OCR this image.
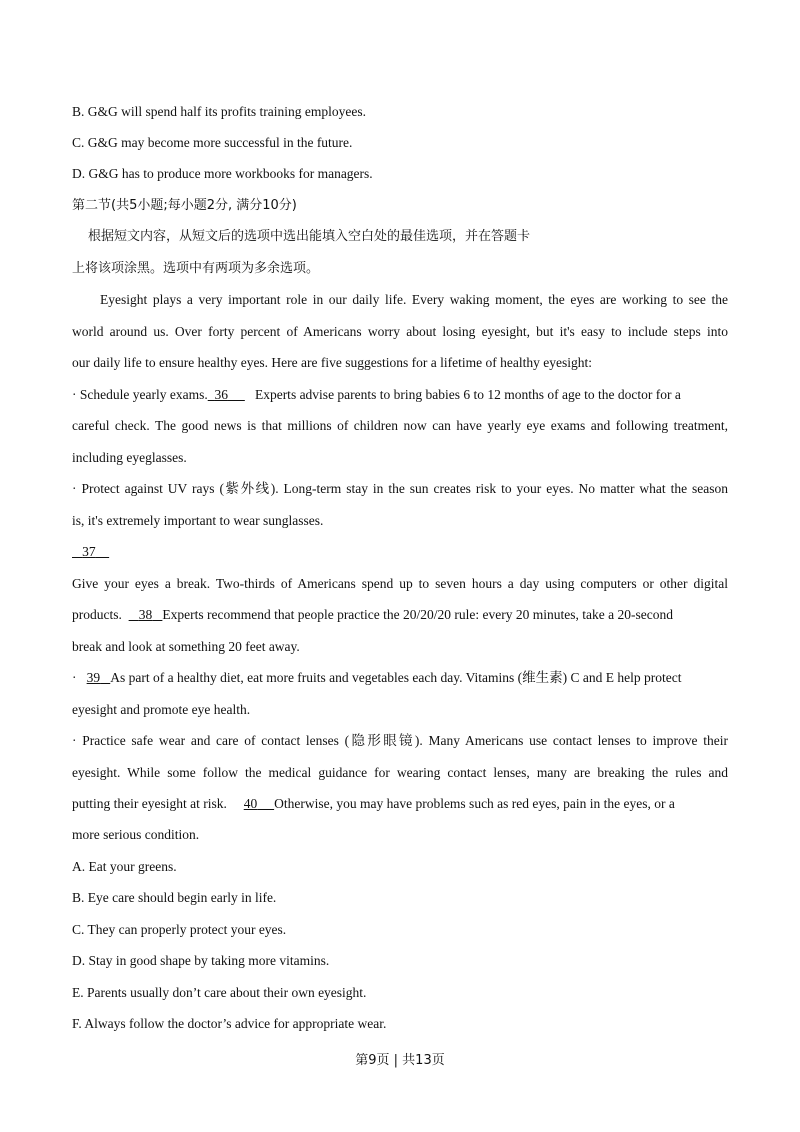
B. G&G will spend half its profits training employees.
C. G&G may become more successful in the future.
D. G&G has to produce more workbooks for managers.
第二节(共5小题;每小题2分, 满分10分)
根据短文内容，从短文后的选项中选出能填入空白处的最佳选项，并在答题卡
上将该项涂黑。选项中有两项为多余选项。
Eyesight plays a very important role in our daily life. Every waking moment, the eyes are working to see the
world around us. Over forty percent of Americans worry about losing eyesight, but it's easy to include steps into
our daily life to ensure healthy eyes. Here are five suggestions for a lifetime of healthy eyesight:
· Schedule yearly exams. 36 Experts advise parents to bring babies 6 to 12 months of age to the doctor for a
careful check. The good news is that millions of children now can have yearly eye exams and following treatment,
including eyeglasses.
· Protect against UV rays (紫外线). Long-term stay in the sun creates risk to your eyes. No matter what the season
is, it's extremely important to wear sunglasses.
37
Give your eyes a break. Two-thirds of Americans spend up to seven hours a day using computers or other digital
products. 38 Experts recommend that people practice the 20/20/20 rule: every 20 minutes, take a 20-second
break and look at something 20 feet away.
· 39 As part of a healthy diet, eat more fruits and vegetables each day. Vitamins (维生素) C and E help protect
eyesight and promote eye health.
· Practice safe wear and care of contact lenses (隐形眼镜). Many Americans use contact lenses to improve their
eyesight. While some follow the medical guidance for wearing contact lenses, many are breaking the rules and
putting their eyesight at risk. 40 Otherwise, you may have problems such as red eyes, pain in the eyes, or a
more serious condition.
A. Eat your greens.
B. Eye care should begin early in life.
C. They can properly protect your eyes.
D. Stay in good shape by taking more vitamins.
E. Parents usually don’t care about their own eyesight.
F. Always follow the doctor’s advice for appropriate wear.
第9页 | 共13页
